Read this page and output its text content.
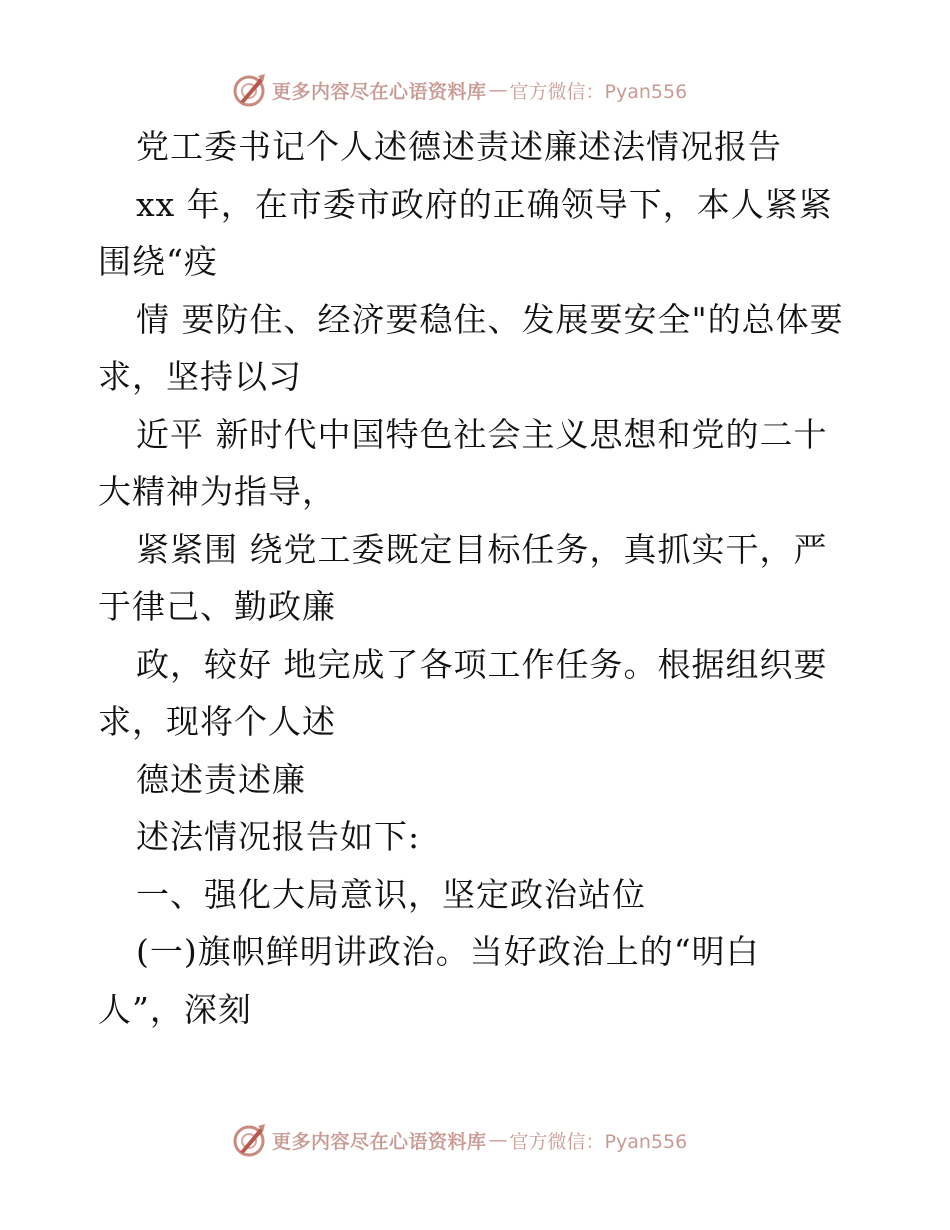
更多内容尽在心语资料库 — 官方微信：Pyan556
党工委书记个人述德述责述廉述法情况报告
xx 年，在市委市政府的正确领导下，本人紧紧
围绕“疫
情 要防住、经济要稳住、发展要安全"的总体要
求，坚持以习
近平 新时代中国特色社会主义思想和党的二十
大精神为指导，
紧紧围 绕党工委既定目标任务，真抓实干，严
于律己、勤政廉
政，较好 地完成了各项工作任务。根据组织要
求，现将个人述
德述责述廉
述法情况报告如下:
一、强化大局意识，坚定政治站位
(一)旗帜鲜明讲政治。当好政治上的“明白
人”，深刻
更多内容尽在心语资料库 — 官方微信：Pyan556
